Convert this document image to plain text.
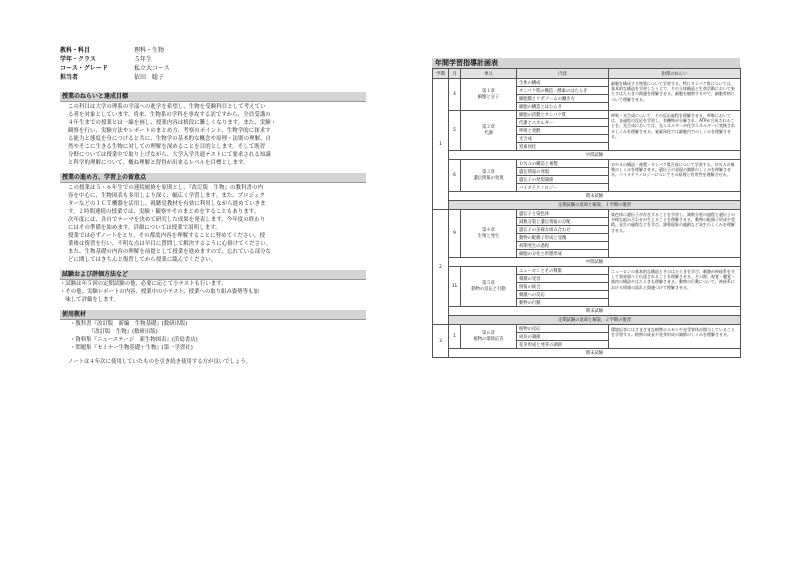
教科・科目	理科・生物
学年・クラス	５年生
コース・グレード	私立大コース
担当者	依田　聡子
授業のねらいと達成目標
この科目は大学の理系の学部への進学を希望し、生物を受験科目として考えてい
る者を対象としています。将来、生物系の学科を専攻する訳ですから、全員受講の
４年生までの授業とは一線を画し、授業内容は格段に難しくなります。また、実験・
観察を行い、実験方法やレポートのまとめ方、考察のポイント、生物学的に探求す
る能力と態度を身につけると共に、生物学の基本的な概念や原理・法則の理解、自
然やそこに生きる生物に対しての理解を深めることを目的とします。そして既習
分野については授業中で取り上げながら、大学入学共通テストにて要求される知識
と科学的理解について、概ね理解と習得が出来るレベルを目標とします。
授業の進め方、学習上の留意点
この授業は５・６年生での連続履修を原則とし、『改訂版　生物』の教科書の内
容を中心に、生物図表も多用しより深く、幅広く学習します。また、プロジェク
ターなどのＩＣＴ機器を活用し、視聴覚教材を有効に利用しながら進めていきま
す。２時間連続の授業では、実験・観察やそのまとめをすることもあります。
次年度には、各自でテーマを決めて研究した成果を発表します。今年度の終わり
にはその準備を始めます。詳細については授業で説明します。
授業では必ずノートをとり、その都度内容を理解することに努めてください。授
業後は復習を行い、不明な点は早目に質問して解決するように心掛けてください。
また、生物基礎の内容の理解を前提として授業を進めますので、忘れている部分な
どに関してはきちんと復習してから授業に臨んでください。
試験および評価方法など
・試験は年５回の定期試験の他、必要に応じて小テストも行います。
・その他、実験レポートの内容、授業中の小テスト、授業への取り組み姿勢等も加
　味して評価をします。
使用教材
・教科書『改訂版　新編　生物基礎』(数研出版)
　　　　『改訂版　生物』(数研出版)
・資料集『ニューステージ　新生物図表』(浜島書店)
・問題集『セミナー生物基礎＋生物』(第一学習社)
ノートは４年次に使用していたものを引き続き使用する方が良いでしょう。
年間学習指導計画表
学期	月	単元	内容	指導のねらい
1	4	第１章
細胞と分子	生体の構成	細胞を構成する物質について学習する。特にタンパク質については、基本的な構造を学習したうえで、その立体構造と生命活動において果たすはたらきの関連を理解させる。細胞を観察する中で、細胞骨格について理解させる。
			タンパク質の構造・酵素のはたらき	
			細胞膜とリボソームの働き方	
			細胞の構造とはたらき	
	5	第２章
代謝	細胞の活動とタンパク質	呼吸・光合成について、その反応過程を理解させる。呼吸においては、各過程の反応を学習し、有機物が分解され、ATPが合成されることを、光合成においては、光エネルギーが化学エネルギーに変換されるしくみを理解させる。窒素同化では細胞内でのしくみを理解させる。
			代謝とエネルギー	
			呼吸と発酵	
			光合成	
			窒素同化	
	中間試験			
	6	第３章
遺伝情報の発現	ＤＮＡの構造と複製	ＤＮＡの構造・複製・タンパク質合成について学習する。ＤＮＡの複製のしくみを理解させる。遺伝子の発現の調節のしくみを理解させる。バイオテクノロジーについてその原理と有用性を理解させる。
			遺伝情報の発現	
			遺伝子の発現調節	
			バイオテクノロジー	
	期末試験			
	定期試験の返却と解説、１学期の復習			
2	9	第４章
生殖と発生	遺伝子と染色体	染色体に遺伝子が存在することを学習し、減数分裂の過程と遺伝子の多様な組み合わせが生じることを理解させる。動物の配偶子形成や受精、発生の過程などを学び、誘導現象の連鎖など発生のしくみを理解させる。
			減数分裂と遺伝情報の分配	
			遺伝子の多様な組み合わせ	
			動物の配偶子形成と受精	
			初期発生の過程	
			細胞の分化と形態形成	
	中間試験			
	11	第５章
動物の反応と行動	ニューロンとその興奮	ニューロンの基本的な構造とそのはたらきを学び、刺激が神経系を介して効果器へと伝達されることを理解させる。その際、視覚・聴覚・筋肉の構造やはたらきも理解させる。動物の行動について、神経系における情報の流れと関連づけて理解させる。
			刺激の受容	
			情報の統合	
			刺激への反応	
			動物の行動	
	期末試験			
	定期試験の返却と解説、２学期の復習			
3	1	第６章
植物の環境応答	植物の反応	環境応答にはさまざまな植物ホルモンや光受容体が関与していることを学習する。植物の成長や花芽形成の調節のしくみを理解させる。
			成長の調節	
			花芽形成と発芽の調節	
	期末試験			
